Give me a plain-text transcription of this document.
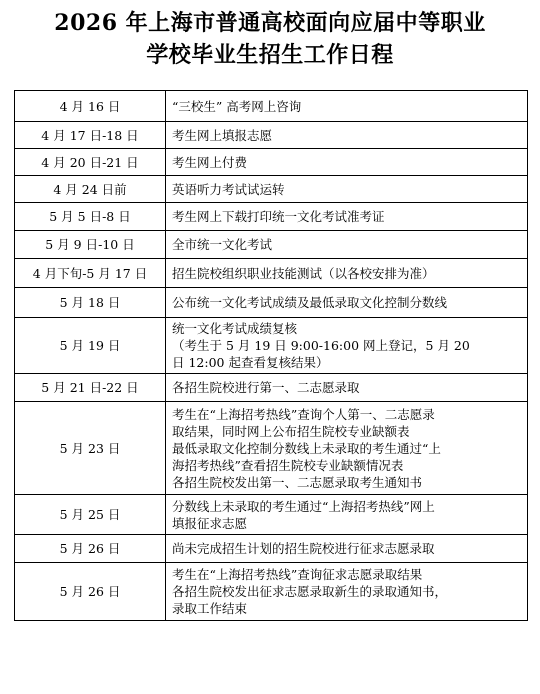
2026 年上海市普通高校面向应届中等职业
学校毕业生招生工作日程
4 月 16 日	“三校生” 高考网上咨询

4 月 17 日-18 日	考生网上填报志愿

4 月 20 日-21 日	考生网上付费

4 月 24 日前	英语听力考试试运转

5 月 5 日-8 日	考生网上下载打印统一文化考试准考证

5 月 9 日-10 日	全市统一文化考试

4 月下旬-5 月 17 日	招生院校组织职业技能测试（以各校安排为准）

5 月 18 日	公布统一文化考试成绩及最低录取文化控制分数线

5 月 19 日	统一文化考试成绩复核
（考生于 5 月 19 日 9:00-16:00 网上登记，5 月 20
日 12:00 起查看复核结果）

5 月 21 日-22 日	各招生院校进行第一、二志愿录取

5 月 23 日	考生在“上海招考热线”查询个人第一、二志愿录
取结果，同时网上公布招生院校专业缺额表
最低录取文化控制分数线上未录取的考生通过“上
海招考热线”查看招生院校专业缺额情况表
各招生院校发出第一、二志愿录取考生通知书

5 月 25 日	分数线上未录取的考生通过“上海招考热线”网上
填报征求志愿

5 月 26 日	尚未完成招生计划的招生院校进行征求志愿录取

5 月 26 日	考生在“上海招考热线”查询征求志愿录取结果
各招生院校发出征求志愿录取新生的录取通知书，
录取工作结束
